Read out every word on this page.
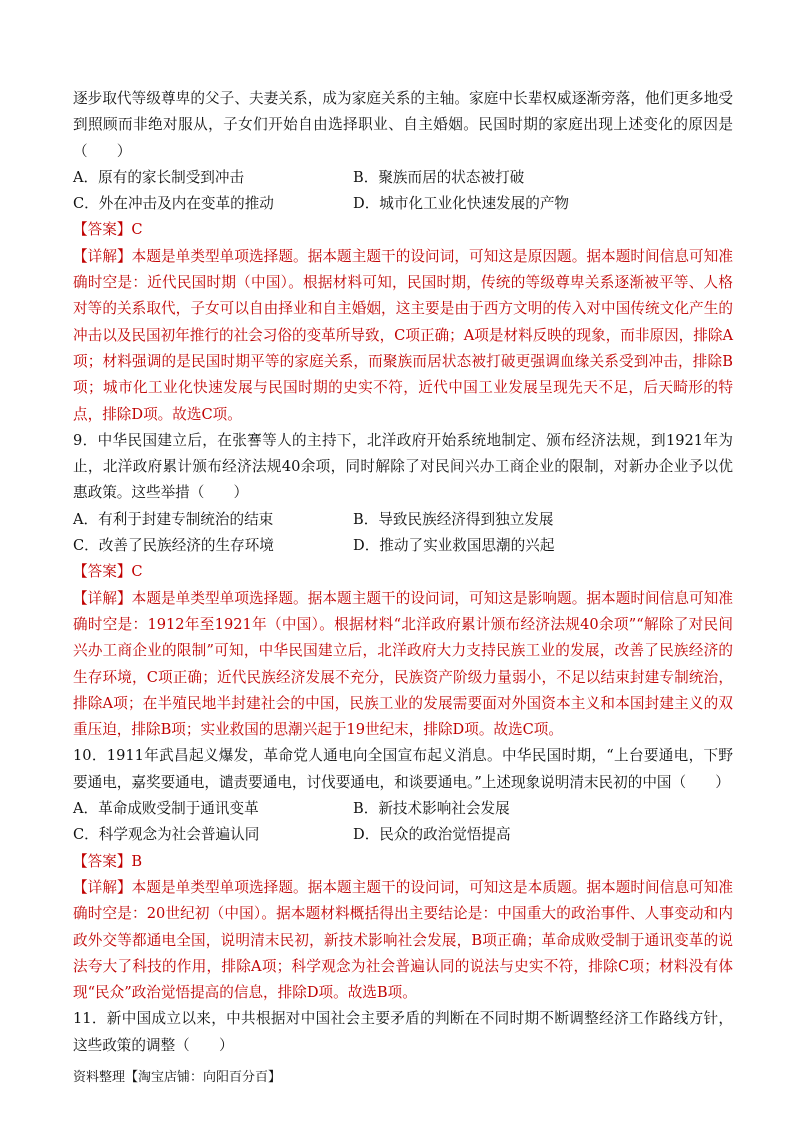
逐步取代等级尊卑的父子、夫妻关系，成为家庭关系的主轴。家庭中长辈权威逐渐旁落，他们更多地受到照顾而非绝对服从，子女们开始自由选择职业、自主婚姻。民国时期的家庭出现上述变化的原因是（　　）

A．原有的家长制受到冲击	B．聚族而居的状态被打破
C．外在冲击及内在变革的推动	D．城市化工业化快速发展的产物

【答案】C

【详解】本题是单类型单项选择题。据本题主题干的设问词，可知这是原因题。据本题时间信息可知准确时空是：近代民国时期（中国）。根据材料可知，民国时期，传统的等级尊卑关系逐渐被平等、人格对等的关系取代，子女可以自由择业和自主婚姻，这主要是由于西方文明的传入对中国传统文化产生的冲击以及民国初年推行的社会习俗的变革所导致，C项正确；A项是材料反映的现象，而非原因，排除A项；材料强调的是民国时期平等的家庭关系，而聚族而居状态被打破更强调血缘关系受到冲击，排除B项；城市化工业化快速发展与民国时期的史实不符，近代中国工业发展呈现先天不足，后天畸形的特点，排除D项。故选C项。

9．中华民国建立后，在张謇等人的主持下，北洋政府开始系统地制定、颁布经济法规，到1921年为止，北洋政府累计颁布经济法规40余项，同时解除了对民间兴办工商企业的限制，对新办企业予以优惠政策。这些举措（　　）

A．有利于封建专制统治的结束	B．导致民族经济得到独立发展
C．改善了民族经济的生存环境	D．推动了实业救国思潮的兴起

【答案】C

【详解】本题是单类型单项选择题。据本题主题干的设问词，可知这是影响题。据本题时间信息可知准确时空是：1912年至1921年（中国）。根据材料“北洋政府累计颁布经济法规40余项”“解除了对民间兴办工商企业的限制”可知，中华民国建立后，北洋政府大力支持民族工业的发展，改善了民族经济的生存环境，C项正确；近代民族经济发展不充分，民族资产阶级力量弱小，不足以结束封建专制统治，排除A项；在半殖民地半封建社会的中国，民族工业的发展需要面对外国资本主义和本国封建主义的双重压迫，排除B项；实业救国的思潮兴起于19世纪末，排除D项。故选C项。

10．1911年武昌起义爆发，革命党人通电向全国宣布起义消息。中华民国时期，“上台要通电，下野要通电，嘉奖要通电，谴责要通电，讨伐要通电，和谈要通电。”上述现象说明清末民初的中国（　　）

A．革命成败受制于通讯变革	B．新技术影响社会发展
C．科学观念为社会普遍认同	D．民众的政治觉悟提高

【答案】B

【详解】本题是单类型单项选择题。据本题主题干的设问词，可知这是本质题。据本题时间信息可知准确时空是：20世纪初（中国）。据本题材料概括得出主要结论是：中国重大的政治事件、人事变动和内政外交等都通电全国，说明清末民初，新技术影响社会发展，B项正确；革命成败受制于通讯变革的说法夸大了科技的作用，排除A项；科学观念为社会普遍认同的说法与史实不符，排除C项；材料没有体现“民众”政治觉悟提高的信息，排除D项。故选B项。

11．新中国成立以来，中共根据对中国社会主要矛盾的判断在不同时期不断调整经济工作路线方针，这些政策的调整（　　）

资料整理【淘宝店铺：向阳百分百】
